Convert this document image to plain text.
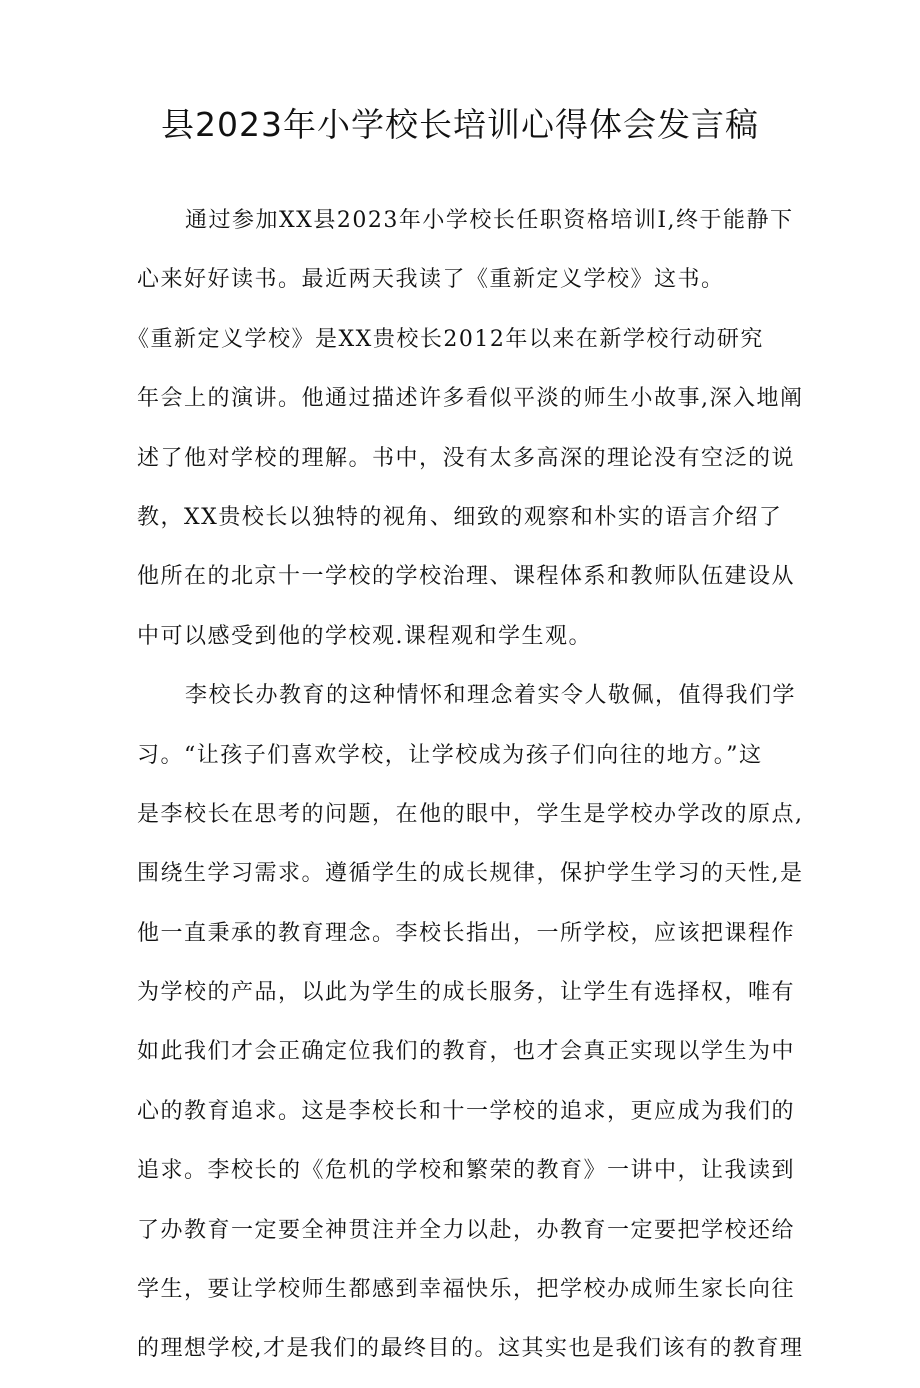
县2023年小学校长培训心得体会发言稿
通过参加XX县2023年小学校长任职资格培训I,终于能静下
心来好好读书。最近两天我读了《重新定义学校》这书。
《重新定义学校》是XX贵校长2012年以来在新学校行动研究
年会上的演讲。他通过描述许多看似平淡的师生小故事,深入地阐
述了他对学校的理解。书中，没有太多高深的理论没有空泛的说
教，XX贵校长以独特的视角、细致的观察和朴实的语言介绍了
他所在的北京十一学校的学校治理、课程体系和教师队伍建设从
中可以感受到他的学校观.课程观和学生观。
李校长办教育的这种情怀和理念着实令人敬佩，值得我们学
习。“让孩子们喜欢学校，让学校成为孩子们向往的地方。”这
是李校长在思考的问题，在他的眼中，学生是学校办学改的原点,
围绕生学习需求。遵循学生的成长规律，保护学生学习的天性,是
他一直秉承的教育理念。李校长指出，一所学校，应该把课程作
为学校的产品，以此为学生的成长服务，让学生有选择权，唯有
如此我们才会正确定位我们的教育，也才会真正实现以学生为中
心的教育追求。这是李校长和十一学校的追求，更应成为我们的
追求。李校长的《危机的学校和繁荣的教育》一讲中，让我读到
了办教育一定要全神贯注并全力以赴，办教育一定要把学校还给
学生，要让学校师生都感到幸福快乐，把学校办成师生家长向往
的理想学校,才是我们的最终目的。这其实也是我们该有的教育理
